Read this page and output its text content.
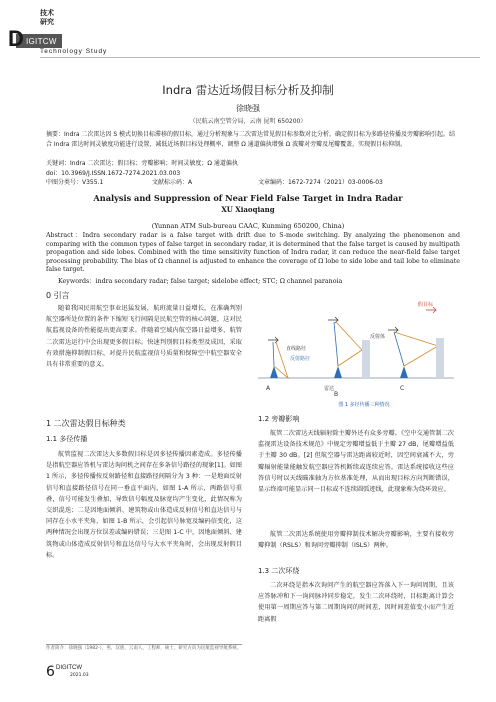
技术
研究
D IGITCW
Technology Study
Indra 雷达近场假目标分析及抑制
徐晓强
（民航云南空管分局，云南 昆明 650200）
摘要：Indra 二次雷达因 S 模式切换目标滞移的假目标，通过分析现象与二次雷达常见假目标参数对比分析，确定假目标为多路径传播及旁瓣影响引起。结合 Indra 雷达时间灵敏度功能进行设置，减低近场假目标处理概率，调整 Ω 通道偏执增强 Ω 波瓣对旁瓣及尾瓣覆盖，实现假目标抑制。
关键词：Indra 二次雷达；假目标；旁瓣影响；时间灵敏度；Ω 通道偏执
doi：10.3969/J.ISSN.1672-7274.2021.03.003
中图分类号：V355.1	文献标示码：A	文章编码：1672-7274（2021）03-0006-03
Analysis and Suppression of Near Field False Target in Indra Radar
XU Xiaoqiang
(Yunnan ATM Sub-bureau CAAC, Kunming 650200, China)
Abstract：Indra secondary radar is a false target with drift due to S-mode switching. By analyzing the phenomenon and comparing with the common types of false target in secondary radar, it is determined that the false target is caused by multipath propagation and side lobes. Combined with the time sensitivity function of Indra radar, it can reduce the near-field false target processing probability. The bias of Ω channel is adjusted to enhance the coverage of Ω lobe to side lobe and tail lobe to eliminate false target.
Keywords：indra secondary radar; false target; sidelobe effect; STC; Ω channel paranoia
0 引言
随着我国民用航空事业迅猛发展，航班流量日益增长，在准确判别航空器所处位置的条件下缩短飞行间隔是民航空管的核心问题，这对民航监视设备的性能提出更高要求。伴随着空域内航空器日益增多，航管二次雷达运行中会出现更多假目标。快速判别假目标类型及成因，采取有效措施抑制假目标，对提升民航监视信号质量和保障空中航空器安全具有非常重要的意义。
1 二次雷达假目标种类
1.1 多径传播
航管监视二次雷达大多数假目标是因多径传播因素造成。多径传播是指航空器应答机与雷达询问机之间存在多条信号路径的现象[1]。如图 1 所示，多径传播按反射路径和直接路径间隔分为 3 种：一是地面反射信号和直接路径信号在同一垂直平面内，如图 1-A 所示，两路信号重叠，信号可能发生叠加，导致信号幅度及脉宽均产生变化，此情况称为交织混迭；二是因地面倾斜、建筑物或山体造成反射信号和直达信号与同存在小水平夹角，如图 1-B 所示，会引起信号脉宽及编码信变化，这两种情况会出现方位误差或编码错误；三是图 1-C 中，因地面倾斜、建筑物或山体造成反射信号和直达信号与大水平夹角时，会出现反射假目标。
反射路径
直线路径
A
反射体
雷达
B
假目标
C
图 1 多径传播三种情况
1.2 旁瓣影响
航管二次雷达天线辐射除主瓣外还有众多旁瓣。《空中交通管制二次监视雷达设备技术规范》中规定旁瓣增益低于主瓣 27 dB，尾瓣增益低于主瓣 30 dB。[2] 但航空器与雷达距离较近时，因空间衰减不大，旁瓣辐射能量能触发航空器应答机断续或连续应答。雷达系统接收这些应答信号时以天线瞄准轴为方位基准处理，从而出现目标方向判断错误，显示终端可能显示同一目标或不连续圆弧迹线，此现象称为绕环效应。
航管二次雷达系统使用旁瓣抑制技术解决旁瓣影响，主要有接收旁瓣抑制（RSLS）和询问旁瓣抑制（ISLS）两种。
1.3 二次环绕
二次环绕是指本次询问产生的航空器应答落入下一询问周期，且该应答脉冲和下一询问脉冲同步稳定，发生二次环绕时，目标距离计算会使用第一周期应答与第二周期询问的时间差，因时间差值变小而产生近距离假
作者简介：徐晓强（1982-），男，汉族，云南人，工程师，硕士，研究方向为民航监视导航系统。
6 DIGITCW
2021.03
